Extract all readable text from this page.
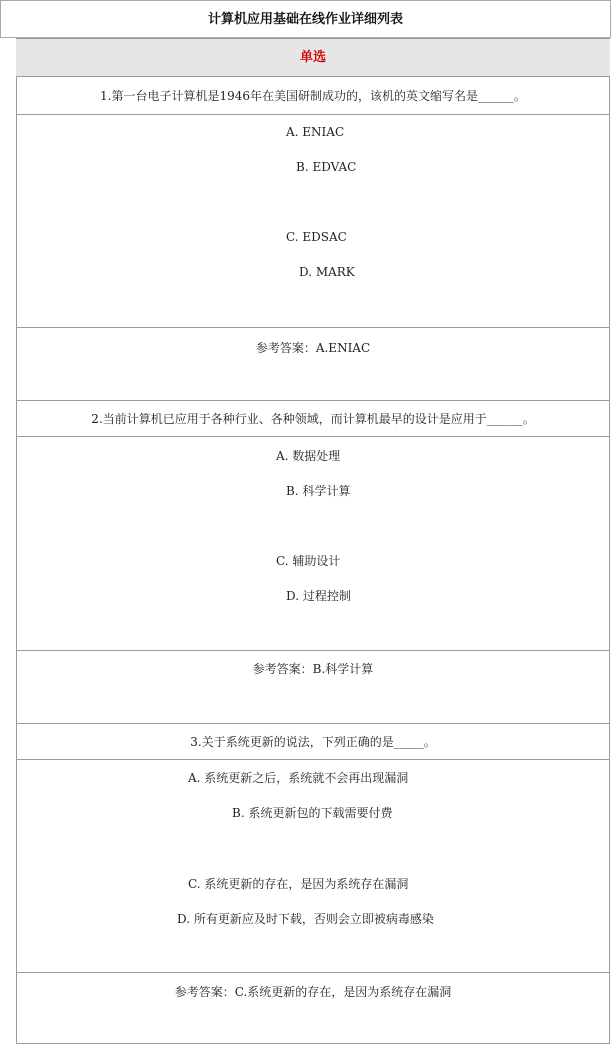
计算机应用基础在线作业详细列表
单选
1.第一台电子计算机是1946年在美国研制成功的，该机的英文缩写名是______。
A. ENIAC
B. EDVAC
C. EDSAC
D. MARK
参考答案：A.ENIAC
2.当前计算机已应用于各种行业、各种领域，而计算机最早的设计是应用于______。
A. 数据处理
B. 科学计算
C. 辅助设计
D. 过程控制
参考答案：B.科学计算
3.关于系统更新的说法，下列正确的是_____。
A. 系统更新之后，系统就不会再出现漏洞
B. 系统更新包的下载需要付费
C. 系统更新的存在，是因为系统存在漏洞
D. 所有更新应及时下载，否则会立即被病毒感染
参考答案：C.系统更新的存在，是因为系统存在漏洞
